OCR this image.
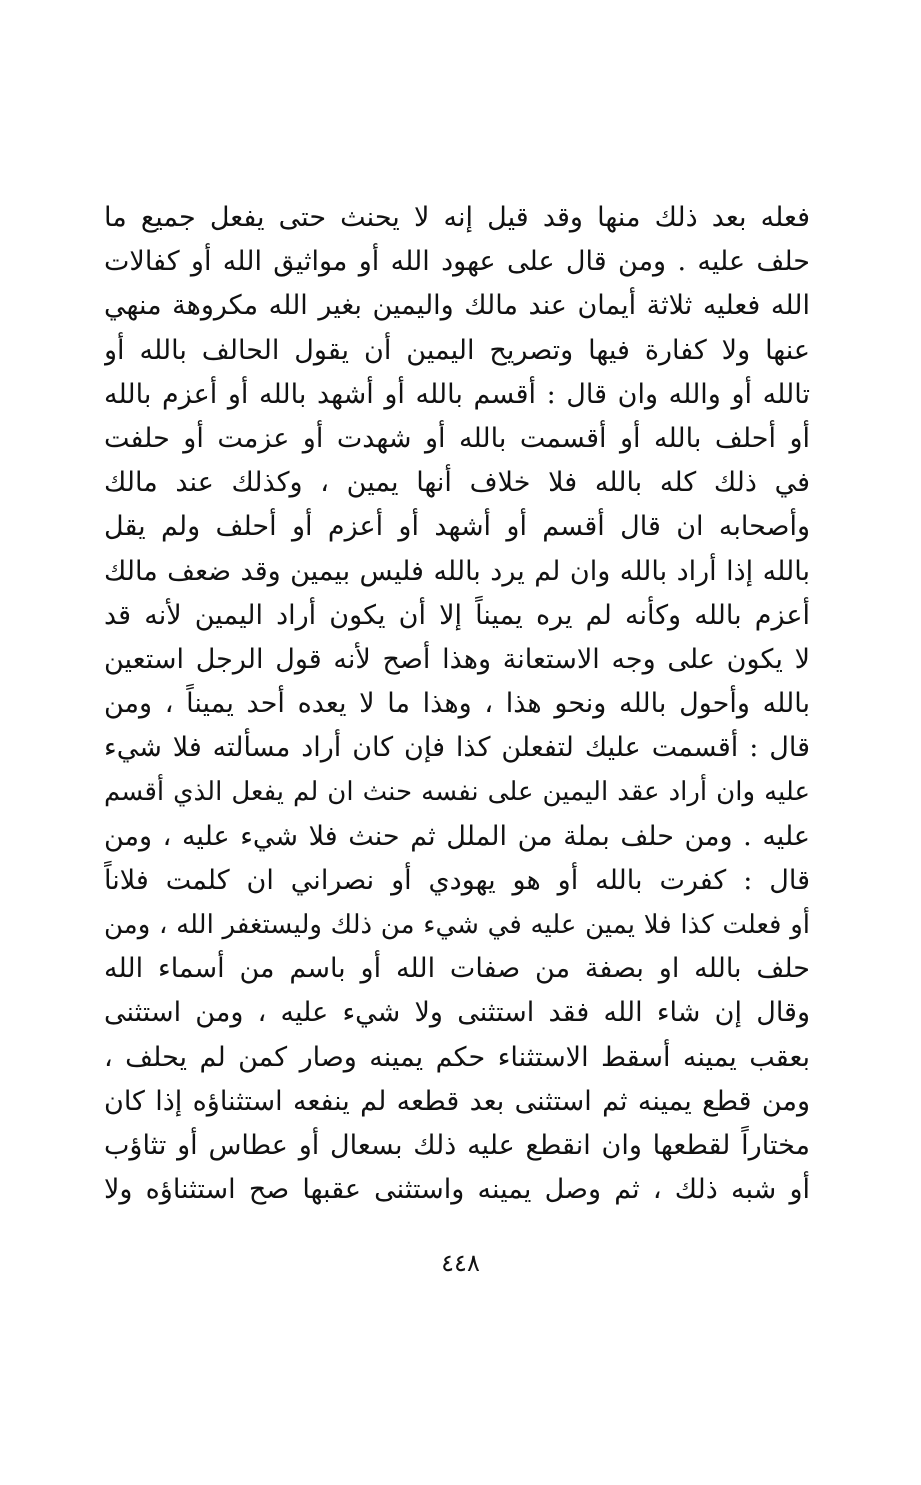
فعله بعد ذلك منها وقد قيل إنه لا يحنث حتى يفعل جميع ما
حلف عليه . ومن قال على عهود الله أو مواثيق الله أو كفالات
الله فعليه ثلاثة أيمان عند مالك واليمين بغير الله مكروهة منهي
عنها ولا كفارة فيها وتصريح اليمين أن يقول الحالف بالله أو
تالله أو والله وان قال : أقسم بالله أو أشهد بالله أو أعزم بالله
أو أحلف بالله أو أقسمت بالله أو شهدت أو عزمت أو حلفت
في ذلك كله بالله فلا خلاف أنها يمين ، وكذلك عند مالك
وأصحابه ان قال أقسم أو أشهد أو أعزم أو أحلف ولم يقل
بالله إذا أراد بالله وان لم يرد بالله فليس بيمين وقد ضعف مالك
أعزم بالله وكأنه لم يره يميناً إلا أن يكون أراد اليمين لأنه قد
لا يكون على وجه الاستعانة وهذا أصح لأنه قول الرجل استعين
بالله وأحول بالله ونحو هذا ، وهذا ما لا يعده أحد يميناً ، ومن
قال : أقسمت عليك لتفعلن كذا فإن كان أراد مسألته فلا شيء
عليه وان أراد عقد اليمين على نفسه حنث ان لم يفعل الذي أقسم
عليه . ومن حلف بملة من الملل ثم حنث فلا شيء عليه ، ومن
قال : كفرت بالله أو هو يهودي أو نصراني ان كلمت فلاناً
أو فعلت كذا فلا يمين عليه في شيء من ذلك وليستغفر الله ، ومن
حلف بالله او بصفة من صفات الله أو باسم من أسماء الله
وقال إن شاء الله فقد استثنى ولا شيء عليه ، ومن استثنى
بعقب يمينه أسقط الاستثناء حكم يمينه وصار كمن لم يحلف ،
ومن قطع يمينه ثم استثنى بعد قطعه لم ينفعه استثناؤه إذا كان
مختاراً لقطعها وان انقطع عليه ذلك بسعال أو عطاس أو تثاؤب
أو شبه ذلك ، ثم وصل يمينه واستثنى عقبها صح استثناؤه ولا
٤٤٨
